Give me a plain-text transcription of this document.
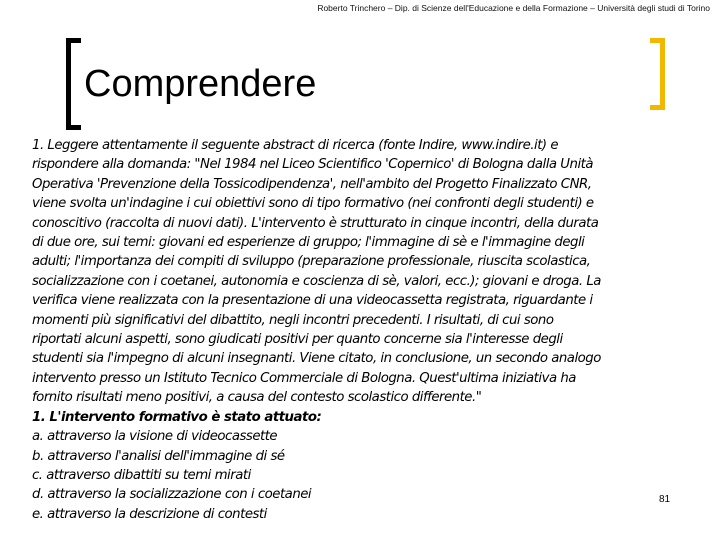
Roberto Trinchero – Dip. di Scienze dell'Educazione e della Formazione – Università degli studi di Torino
Comprendere
1. Leggere attentamente il seguente abstract di ricerca (fonte Indire, www.indire.it) e
rispondere alla domanda: "Nel 1984 nel Liceo Scientifico 'Copernico' di Bologna dalla Unità
Operativa 'Prevenzione della Tossicodipendenza', nell'ambito del Progetto Finalizzato CNR,
viene svolta un'indagine i cui obiettivi sono di tipo formativo (nei confronti degli studenti) e
conoscitivo (raccolta di nuovi dati). L'intervento è strutturato in cinque incontri, della durata
di due ore, sui temi: giovani ed esperienze di gruppo; l'immagine di sè e l'immagine degli
adulti; l'importanza dei compiti di sviluppo (preparazione professionale, riuscita scolastica,
socializzazione con i coetanei, autonomia e coscienza di sè, valori, ecc.); giovani e droga. La
verifica viene realizzata con la presentazione di una videocassetta registrata, riguardante i
momenti più significativi del dibattito, negli incontri precedenti. I risultati, di cui sono
riportati alcuni aspetti, sono giudicati positivi per quanto concerne sia l'interesse degli
studenti sia l'impegno di alcuni insegnanti. Viene citato, in conclusione, un secondo analogo
intervento presso un Istituto Tecnico Commerciale di Bologna. Quest'ultima iniziativa ha
fornito risultati meno positivi, a causa del contesto scolastico differente."
1. L'intervento formativo è stato attuato:
a. attraverso la visione di videocassette
b. attraverso l'analisi dell'immagine di sé
c. attraverso dibattiti su temi mirati
d. attraverso la socializzazione con i coetanei
e. attraverso la descrizione di contesti
81
